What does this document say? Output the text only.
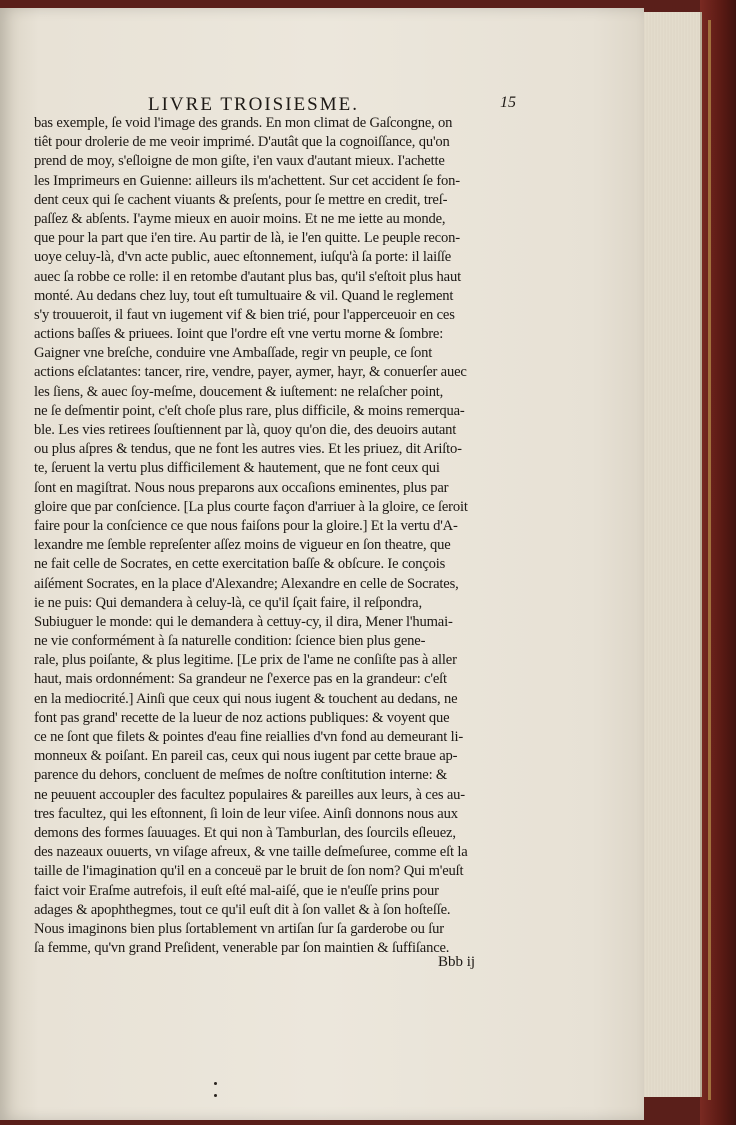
LIVRE TROISIESME.	15
bas exemple, ſe void l'image des grands. En mon climat de Gaſcongne, on
tiêt pour drolerie de me veoir imprimé. D'autât que la cognoiſſance, qu'on
prend de moy, s'eſloigne de mon giſte, i'en vaux d'autant mieux. I'achette
les Imprimeurs en Guienne: ailleurs ils m'achettent. Sur cet accident ſe fon-
dent ceux qui ſe cachent viuants & preſents, pour ſe mettre en credit, treſ-
paſſez & abſents. I'ayme mieux en auoir moins. Et ne me iette au monde,
que pour la part que i'en tire. Au partir de là, ie l'en quitte. Le peuple recon-
uoye celuy-là, d'vn acte public, auec eſtonnement, iuſqu'à ſa porte: il laiſſe
auec ſa robbe ce rolle: il en retombe d'autant plus bas, qu'il s'eſtoit plus haut
monté. Au dedans chez luy, tout eſt tumultuaire & vil. Quand le reglement
s'y trouueroit, il faut vn iugement vif & bien trié, pour l'apperceuoir en ces
actions baſſes & priuees. Ioint que l'ordre eſt vne vertu morne & ſombre:
Gaigner vne breſche, conduire vne Ambaſſade, regir vn peuple, ce ſont
actions eſclatantes: tancer, rire, vendre, payer, aymer, hayr, & conuerſer auec
les ſiens, & auec ſoy-meſme, doucement & iuſtement: ne relaſcher point,
ne ſe deſmentir point, c'eſt choſe plus rare, plus difficile, & moins remerqua-
ble. Les vies retirees ſouſtiennent par là, quoy qu'on die, des deuoirs autant
ou plus aſpres & tendus, que ne font les autres vies. Et les priuez, dit Ariſto-
te, ſeruent la vertu plus difficilement & hautement, que ne font ceux qui
ſont en magiſtrat. Nous nous preparons aux occaſions eminentes, plus par
gloire que par conſcience. [La plus courte façon d'arriuer à la gloire, ce ſeroit
faire pour la conſcience ce que nous faiſons pour la gloire.] Et la vertu d'A-
lexandre me ſemble repreſenter aſſez moins de vigueur en ſon theatre, que
ne fait celle de Socrates, en cette exercitation baſſe & obſcure. Ie conçois
aiſément Socrates, en la place d'Alexandre; Alexandre en celle de Socrates,
ie ne puis: Qui demandera à celuy-là, ce qu'il ſçait faire, il reſpondra,
Subiuguer le monde: qui le demandera à cettuy-cy, il dira, Mener l'humai-
ne vie conformément à ſa naturelle condition: ſcience bien plus gene-
rale, plus poiſante, & plus legitime. [Le prix de l'ame ne conſiſte pas à aller
haut, mais ordonnément: Sa grandeur ne ſ'exerce pas en la grandeur: c'eſt
en la mediocrité.] Ainſi que ceux qui nous iugent & touchent au dedans, ne
font pas grand' recette de la lueur de noz actions publiques: & voyent que
ce ne ſont que filets & pointes d'eau fine reiallies d'vn fond au demeurant li-
monneux & poiſant. En pareil cas, ceux qui nous iugent par cette braue ap-
parence du dehors, concluent de meſmes de noſtre conſtitution interne: &
ne peuuent accoupler des facultez populaires & pareilles aux leurs, à ces au-
tres facultez, qui les eſtonnent, ſi loin de leur viſee. Ainſi donnons nous aux
demons des formes ſauuages. Et qui non à Tamburlan, des ſourcils eſleuez,
des nazeaux ouuerts, vn viſage afreux, & vne taille deſmeſuree, comme eſt la
taille de l'imagination qu'il en a conceuë par le bruit de ſon nom? Qui m'euſt
faict voir Eraſme autrefois, il euſt eſté mal-aiſé, que ie n'euſſe prins pour
adages & apophthegmes, tout ce qu'il euſt dit à ſon vallet & à ſon hoſteſſe.
Nous imaginons bien plus ſortablement vn artiſan ſur ſa garderobe ou ſur
ſa femme, qu'vn grand Preſident, venerable par ſon maintien & ſuffiſance.
Bbb ij
​
